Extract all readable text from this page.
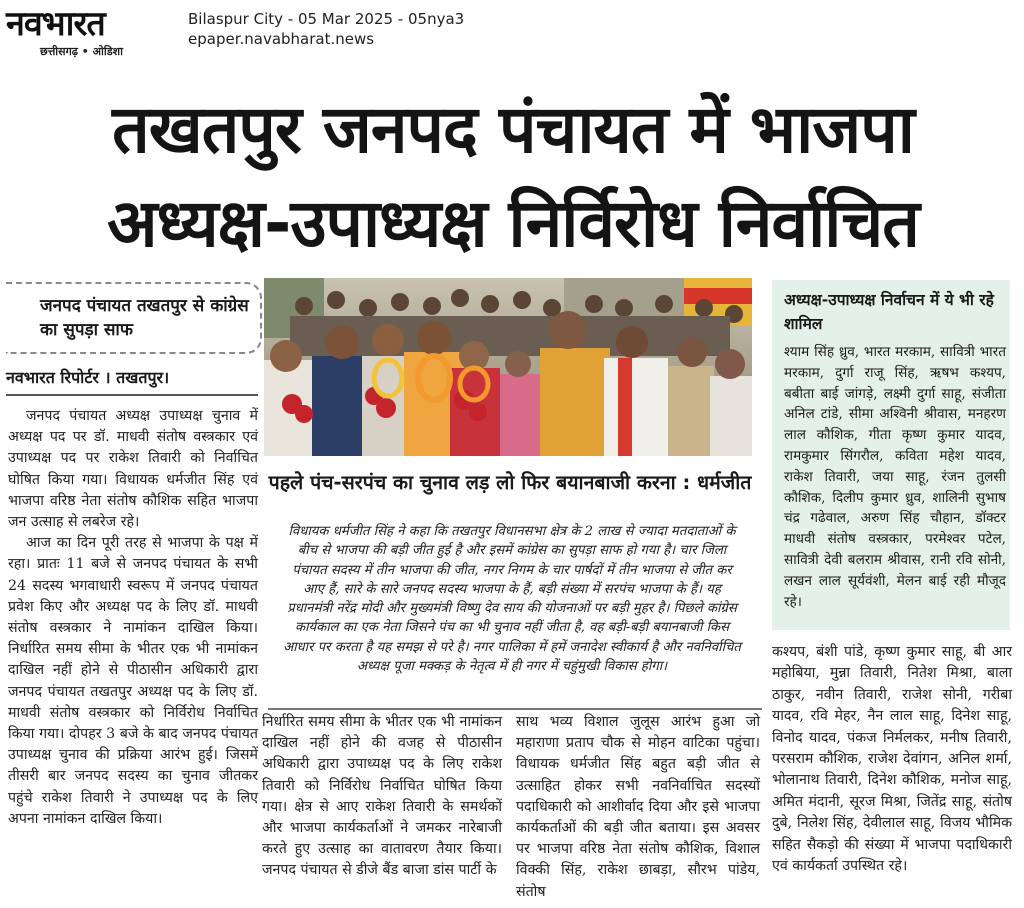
नवभारत
छत्तीसगढ़ • ओडिशा
Bilaspur City - 05 Mar 2025 - 05nya3
epaper.navabharat.news
तखतपुर जनपद पंचायत में भाजपा
अध्यक्ष-उपाध्यक्ष निर्विरोध निर्वाचित
जनपद पंचायत तखतपुर से कांग्रेस का सुपड़ा साफ
नवभारत रिपोर्टर । तखतपुर।

जनपद पंचायत अध्यक्ष उपाध्यक्ष चुनाव में अध्यक्ष पद पर डॉ. माधवी संतोष वस्त्रकार एवं उपाध्यक्ष पद पर राकेश तिवारी को निर्वाचित घोषित किया गया। विधायक धर्मजीत सिंह एवं भाजपा वरिष्ठ नेता संतोष कौशिक सहित भाजपा जन उत्साह से लबरेज रहे।

आज का दिन पूरी तरह से भाजपा के पक्ष में रहा। प्रातः 11 बजे से जनपद पंचायत के सभी 24 सदस्य भगवाधारी स्वरूप में जनपद पंचायत प्रवेश किए और अध्यक्ष पद के लिए डॉ. माधवी संतोष वस्त्रकार ने नामांकन दाखिल किया। निर्धारित समय सीमा के भीतर एक भी नामांकन दाखिल नहीं होने से पीठासीन अधिकारी द्वारा जनपद पंचायत तखतपुर अध्यक्ष पद के लिए डॉ. माधवी संतोष वस्त्रकार को निर्विरोध निर्वाचित किया गया। दोपहर 3 बजे के बाद जनपद पंचायत उपाध्यक्ष चुनाव की प्रक्रिया आरंभ हुई। जिसमें तीसरी बार जनपद सदस्य का चुनाव जीतकर पहुंचे राकेश तिवारी ने उपाध्यक्ष पद के लिए अपना नामांकन दाखिल किया।

पहले पंच-सरपंच का चुनाव लड़ लो फिर बयानबाजी करना : धर्मजीत
विधायक धर्मजीत सिंह ने कहा कि तखतपुर विधानसभा क्षेत्र के 2 लाख से ज्यादा मतदाताओं के बीच से भाजपा की बड़ी जीत हुई है और इसमें कांग्रेस का सुपड़ा साफ हो गया है। चार जिला पंचायत सदस्य में तीन भाजपा की जीत, नगर निगम के चार पार्षदों में तीन भाजपा से जीत कर आए हैं, सारे के सारे जनपद सदस्य भाजपा के हैं, बड़ी संख्या में सरपंच भाजपा के हैं। यह प्रधानमंत्री नरेंद्र मोदी और मुख्यमंत्री विष्णु देव साय की योजनाओं पर बड़ी मुहर है। पिछले कांग्रेस कार्यकाल का एक नेता जिसने पंच का भी चुनाव नहीं जीता है, वह बड़ी-बड़ी बयानबाजी किस आधार पर करता है यह समझ से परे है। नगर पालिका में हमें जनादेश स्वीकार्य है और नवनिर्वाचित अध्यक्ष पूजा मक्कड़ के नेतृत्व में ही नगर में चहुंमुखी विकास होगा।
निर्धारित समय सीमा के भीतर एक भी नामांकन दाखिल नहीं होने की वजह से पीठासीन अधिकारी द्वारा उपाध्यक्ष पद के लिए राकेश तिवारी को निर्विरोध निर्वाचित घोषित किया गया। क्षेत्र से आए राकेश तिवारी के समर्थकों और भाजपा कार्यकर्ताओं ने जमकर नारेबाजी करते हुए उत्साह का वातावरण तैयार किया। जनपद पंचायत से डीजे बैंड बाजा डांस पार्टी के
साथ भव्य विशाल जुलूस आरंभ हुआ जो महाराणा प्रताप चौक से मोहन वाटिका पहुंचा। विधायक धर्मजीत सिंह बहुत बड़ी जीत से उत्साहित होकर सभी नवनिर्वाचित सदस्यों पदाधिकारी को आशीर्वाद दिया और इसे भाजपा कार्यकर्ताओं की बड़ी जीत बताया। इस अवसर पर भाजपा वरिष्ठ नेता संतोष कौशिक, विशाल विक्की सिंह, राकेश छाबड़ा, सौरभ पांडेय, संतोष
अध्यक्ष-उपाध्यक्ष निर्वाचन में ये भी रहे शामिल
श्याम सिंह ध्रुव, भारत मरकाम, सावित्री भारत मरकाम, दुर्गा राजू सिंह, ऋषभ कश्यप, बबीता बाई जांगड़े, लक्ष्मी दुर्गा साहू, संजीता अनिल टांडे, सीमा अश्विनी श्रीवास, मनहरण लाल कौशिक, गीता कृष्ण कुमार यादव, रामकुमार सिंगरौल, कविता महेश यादव, राकेश तिवारी, जया साहू, रंजन तुलसी कौशिक, दिलीप कुमार ध्रुव, शालिनी सुभाष चंद्र गढेवाल, अरुण सिंह चौहान, डॉक्टर माधवी संतोष वस्त्रकार, परमेश्वर पटेल, सावित्री देवी बलराम श्रीवास, रानी रवि सोनी, लखन लाल सूर्यवंशी, मेलन बाई रही मौजूद रहे।
कश्यप, बंशी पांडे, कृष्ण कुमार साहू, बी आर महोबिया, मुन्ना तिवारी, नितेश मिश्रा, बाला ठाकुर, नवीन तिवारी, राजेश सोनी, गरीबा यादव, रवि मेहर, नैन लाल साहू, दिनेश साहू, विनोद यादव, पंकज निर्मलकर, मनीष तिवारी, परसराम कौशिक, राजेश देवांगन, अनिल शर्मा, भोलानाथ तिवारी, दिनेश कौशिक, मनोज साहू, अमित मंदानी, सूरज मिश्रा, जितेंद्र साहू, संतोष दुबे, निलेश सिंह, देवीलाल साहू, विजय भौमिक सहित सैकड़ो की संख्या में भाजपा पदाधिकारी एवं कार्यकर्ता उपस्थित रहे।
